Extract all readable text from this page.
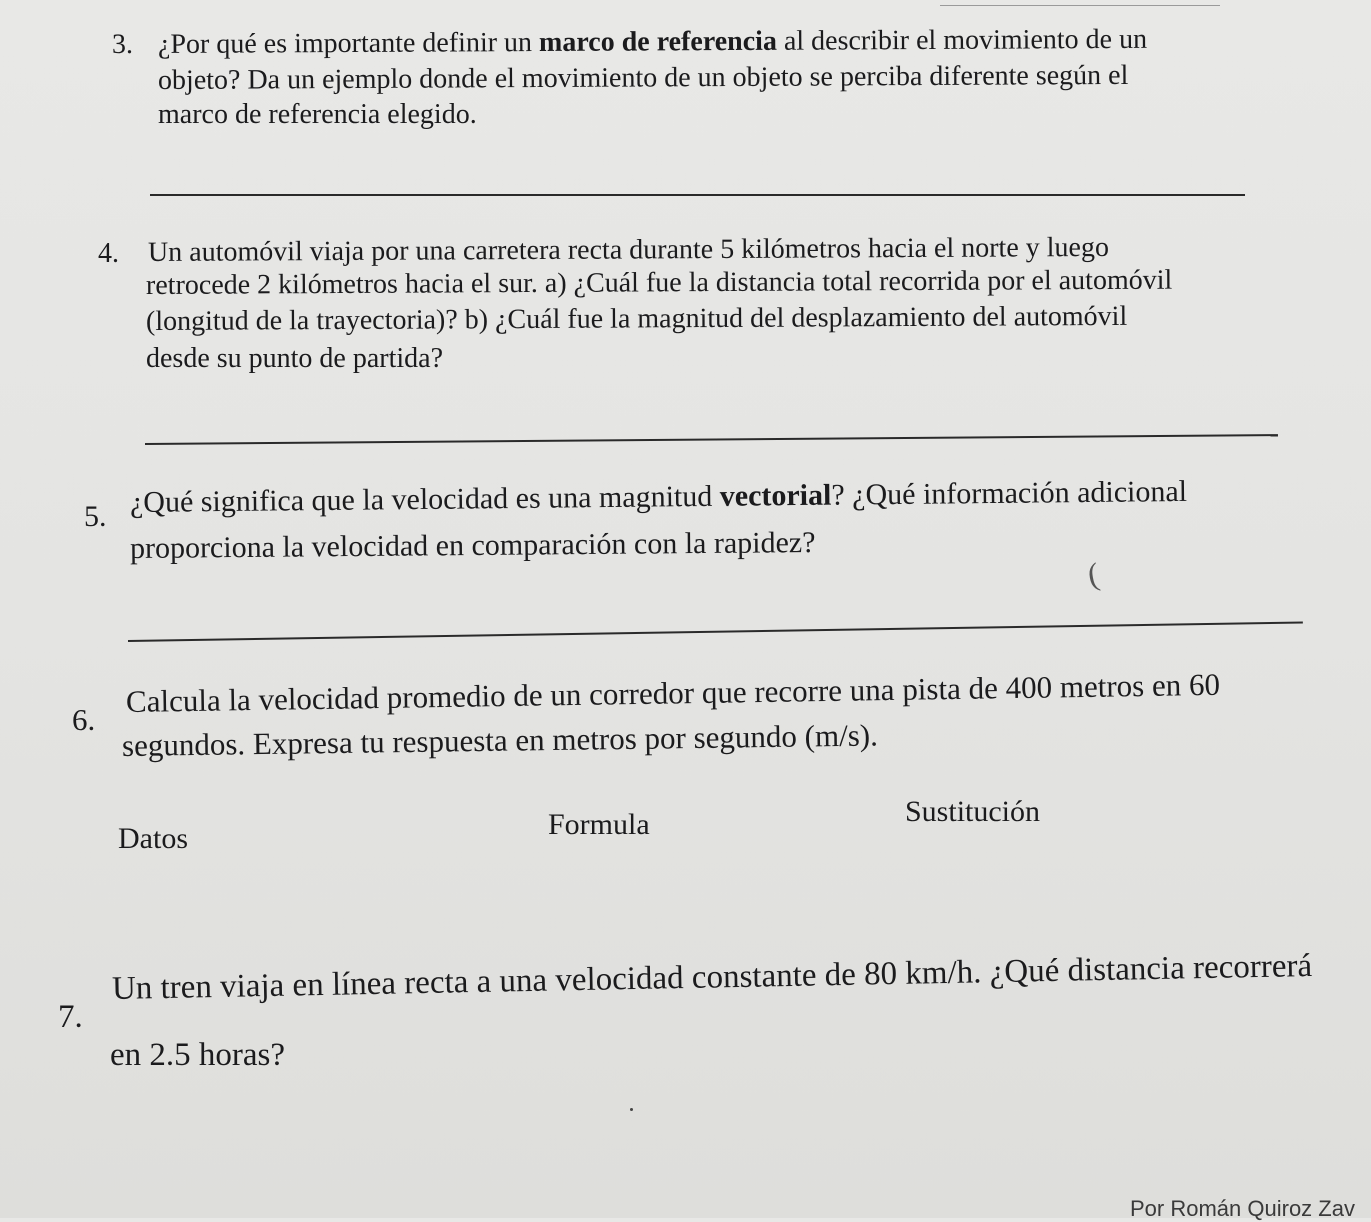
3. ¿Por qué es importante definir un marco de referencia al describir el movimiento de un
objeto? Da un ejemplo donde el movimiento de un objeto se perciba diferente según el
marco de referencia elegido.
4. Un automóvil viaja por una carretera recta durante 5 kilómetros hacia el norte y luego
retrocede 2 kilómetros hacia el sur. a) ¿Cuál fue la distancia total recorrida por el automóvil
(longitud de la trayectoria)? b) ¿Cuál fue la magnitud del desplazamiento del automóvil
desde su punto de partida?
5. ¿Qué significa que la velocidad es una magnitud vectorial? ¿Qué información adicional
proporciona la velocidad en comparación con la rapidez?
6.
Calcula la velocidad promedio de un corredor que recorre una pista de 400 metros en 60
segundos. Expresa tu respuesta en metros por segundo (m/s).
Datos	Formula	Sustitución
7.
Un tren viaja en línea recta a una velocidad constante de 80 km/h. ¿Qué distancia recorrerá
en 2.5 horas?
(
Por Román Quiroz Zav
